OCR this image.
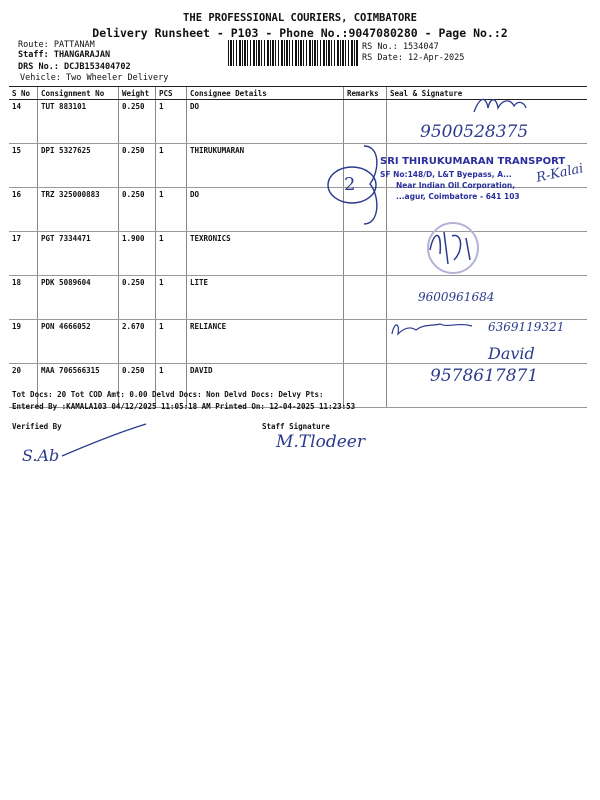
THE PROFESSIONAL COURIERS, COIMBATORE
Delivery Runsheet - P103 - Phone No.:9047080280 - Page No.:2
Route: PATTANAM
Staff: THANGARAJAN
DRS No.: DCJB153404702
Vehicle: Two Wheeler Delivery
RS No.: 1534047
RS Date: 12-Apr-2025
S No	Consignment No	Weight	PCS	Consignee Details	Remarks	Seal & Signature
14	TUT 883101	0.250	1	DO		
15	DPI 5327625	0.250	1	THIRUKUMARAN		
16	TRZ 325000883	0.250	1	DO		
17	PGT 7334471	1.900	1	TEXRONICS		
18	PDK 5089604	0.250	1	LITE		
19	PON 4666052	2.670	1	RELIANCE		
20	MAA 706566315	0.250	1	DAVID		
9500528375
2
SRI THIRUKUMARAN TRANSPORT
SF No:148/D, L&T Byepass, A...
Near Indian Oil Corporation,
...agur, Coimbatore - 641 103
R-Kalai
9600961684
6369119321
David
9578617871
Tot Docs: 20 Tot COD Amt: 0.00 Delvd Docs: Non Delvd Docs: Delvy Pts:
Entered By :KAMALA103 04/12/2025 11:05:18 AM Printed On: 12-04-2025 11:23:53
Verified By	Staff Signature
S.Ab
M.Tlodeer
